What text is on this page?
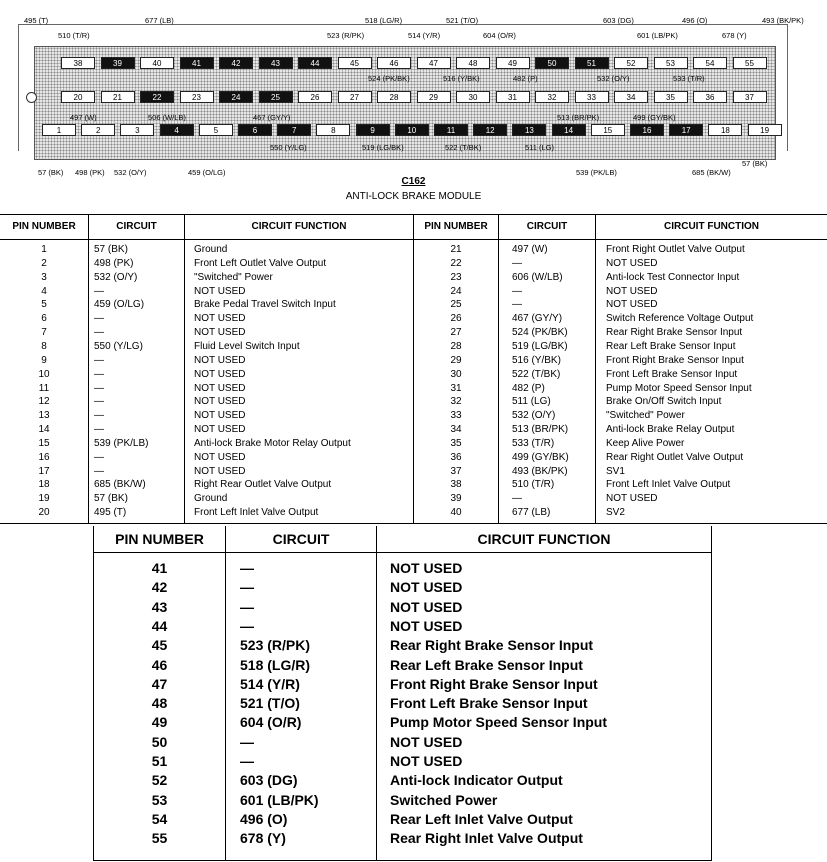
38	39	40	41	42	43	44	45	46	47	48	49	50	51	52	53	54	55
20	21	22	23	24	25	26	27	28	29	30	31	32	33	34	35	36	37
1	2	3	4	5	6	7	8	9	10	11	12	13	14	15	16	17	18	19
495 (T)
510 (T/R)
677 (LB)
523 (R/PK)
518 (LG/R)
514 (Y/R)
521 (T/O)
604 (O/R)
603 (DG)
601 (LB/PK)
496 (O)
678 (Y)
493 (BK/PK)
524 (PK/BK)	516 (Y/BK)	482 (P)	532 (O/Y)	533 (T/R)
497 (W)	506 (W/LB)	467 (GY/Y)	513 (BR/PK)	499 (GY/BK)
550 (Y/LG)	519 (LG/BK)	522 (T/BK)	511 (LG)
57 (BK) 498 (PK) 532 (O/Y)	459 (O/LG)	539 (PK/LB)	685 (BK/W)
57 (BK)
C162
ANTI-LOCK BRAKE MODULE
PIN NUMBER	CIRCUIT	CIRCUIT FUNCTION	PIN NUMBER	CIRCUIT	CIRCUIT FUNCTION
1	57 (BK)	Ground
2	498 (PK)	Front Left Outlet Valve Output
3	532 (O/Y)	"Switched" Power
4	—	NOT USED
5	459 (O/LG)	Brake Pedal Travel Switch Input
6	—	NOT USED
7	—	NOT USED
8	550 (Y/LG)	Fluid Level Switch Input
9	—	NOT USED
10	—	NOT USED
11	—	NOT USED
12	—	NOT USED
13	—	NOT USED
14	—	NOT USED
15	539 (PK/LB)	Anti-lock Brake Motor Relay Output
16	—	NOT USED
17	—	NOT USED
18	685 (BK/W)	Right Rear Outlet Valve Output
19	57 (BK)	Ground
20	495 (T)	Front Left Inlet Valve Output
21	497 (W)	Front Right Outlet Valve Output
22	—	NOT USED
23	606 (W/LB)	Anti-lock Test Connector Input
24	—	NOT USED
25	—	NOT USED
26	467 (GY/Y)	Switch Reference Voltage Output
27	524 (PK/BK)	Rear Right Brake Sensor Input
28	519 (LG/BK)	Rear Left Brake Sensor Input
29	516 (Y/BK)	Front Right Brake Sensor Input
30	522 (T/BK)	Front Left Brake Sensor Input
31	482 (P)	Pump Motor Speed Sensor Input
32	511 (LG)	Brake On/Off Switch Input
33	532 (O/Y)	"Switched" Power
34	513 (BR/PK)	Anti-lock Brake Relay Output
35	533 (T/R)	Keep Alive Power
36	499 (GY/BK)	Rear Right Outlet Valve Output
37	493 (BK/PK)	SV1
38	510 (T/R)	Front Left Inlet Valve Output
39	—	NOT USED
40	677 (LB)	SV2
PIN NUMBER	CIRCUIT	CIRCUIT FUNCTION
41	—	NOT USED
42	—	NOT USED
43	—	NOT USED
44	—	NOT USED
45	523 (R/PK)	Rear Right Brake Sensor Input
46	518 (LG/R)	Rear Left Brake Sensor Input
47	514 (Y/R)	Front Right Brake Sensor Input
48	521 (T/O)	Front Left Brake Sensor Input
49	604 (O/R)	Pump Motor Speed Sensor Input
50	—	NOT USED
51	—	NOT USED
52	603 (DG)	Anti-lock Indicator Output
53	601 (LB/PK)	Switched Power
54	496 (O)	Rear Left Inlet Valve Output
55	678 (Y)	Rear Right Inlet Valve Output
